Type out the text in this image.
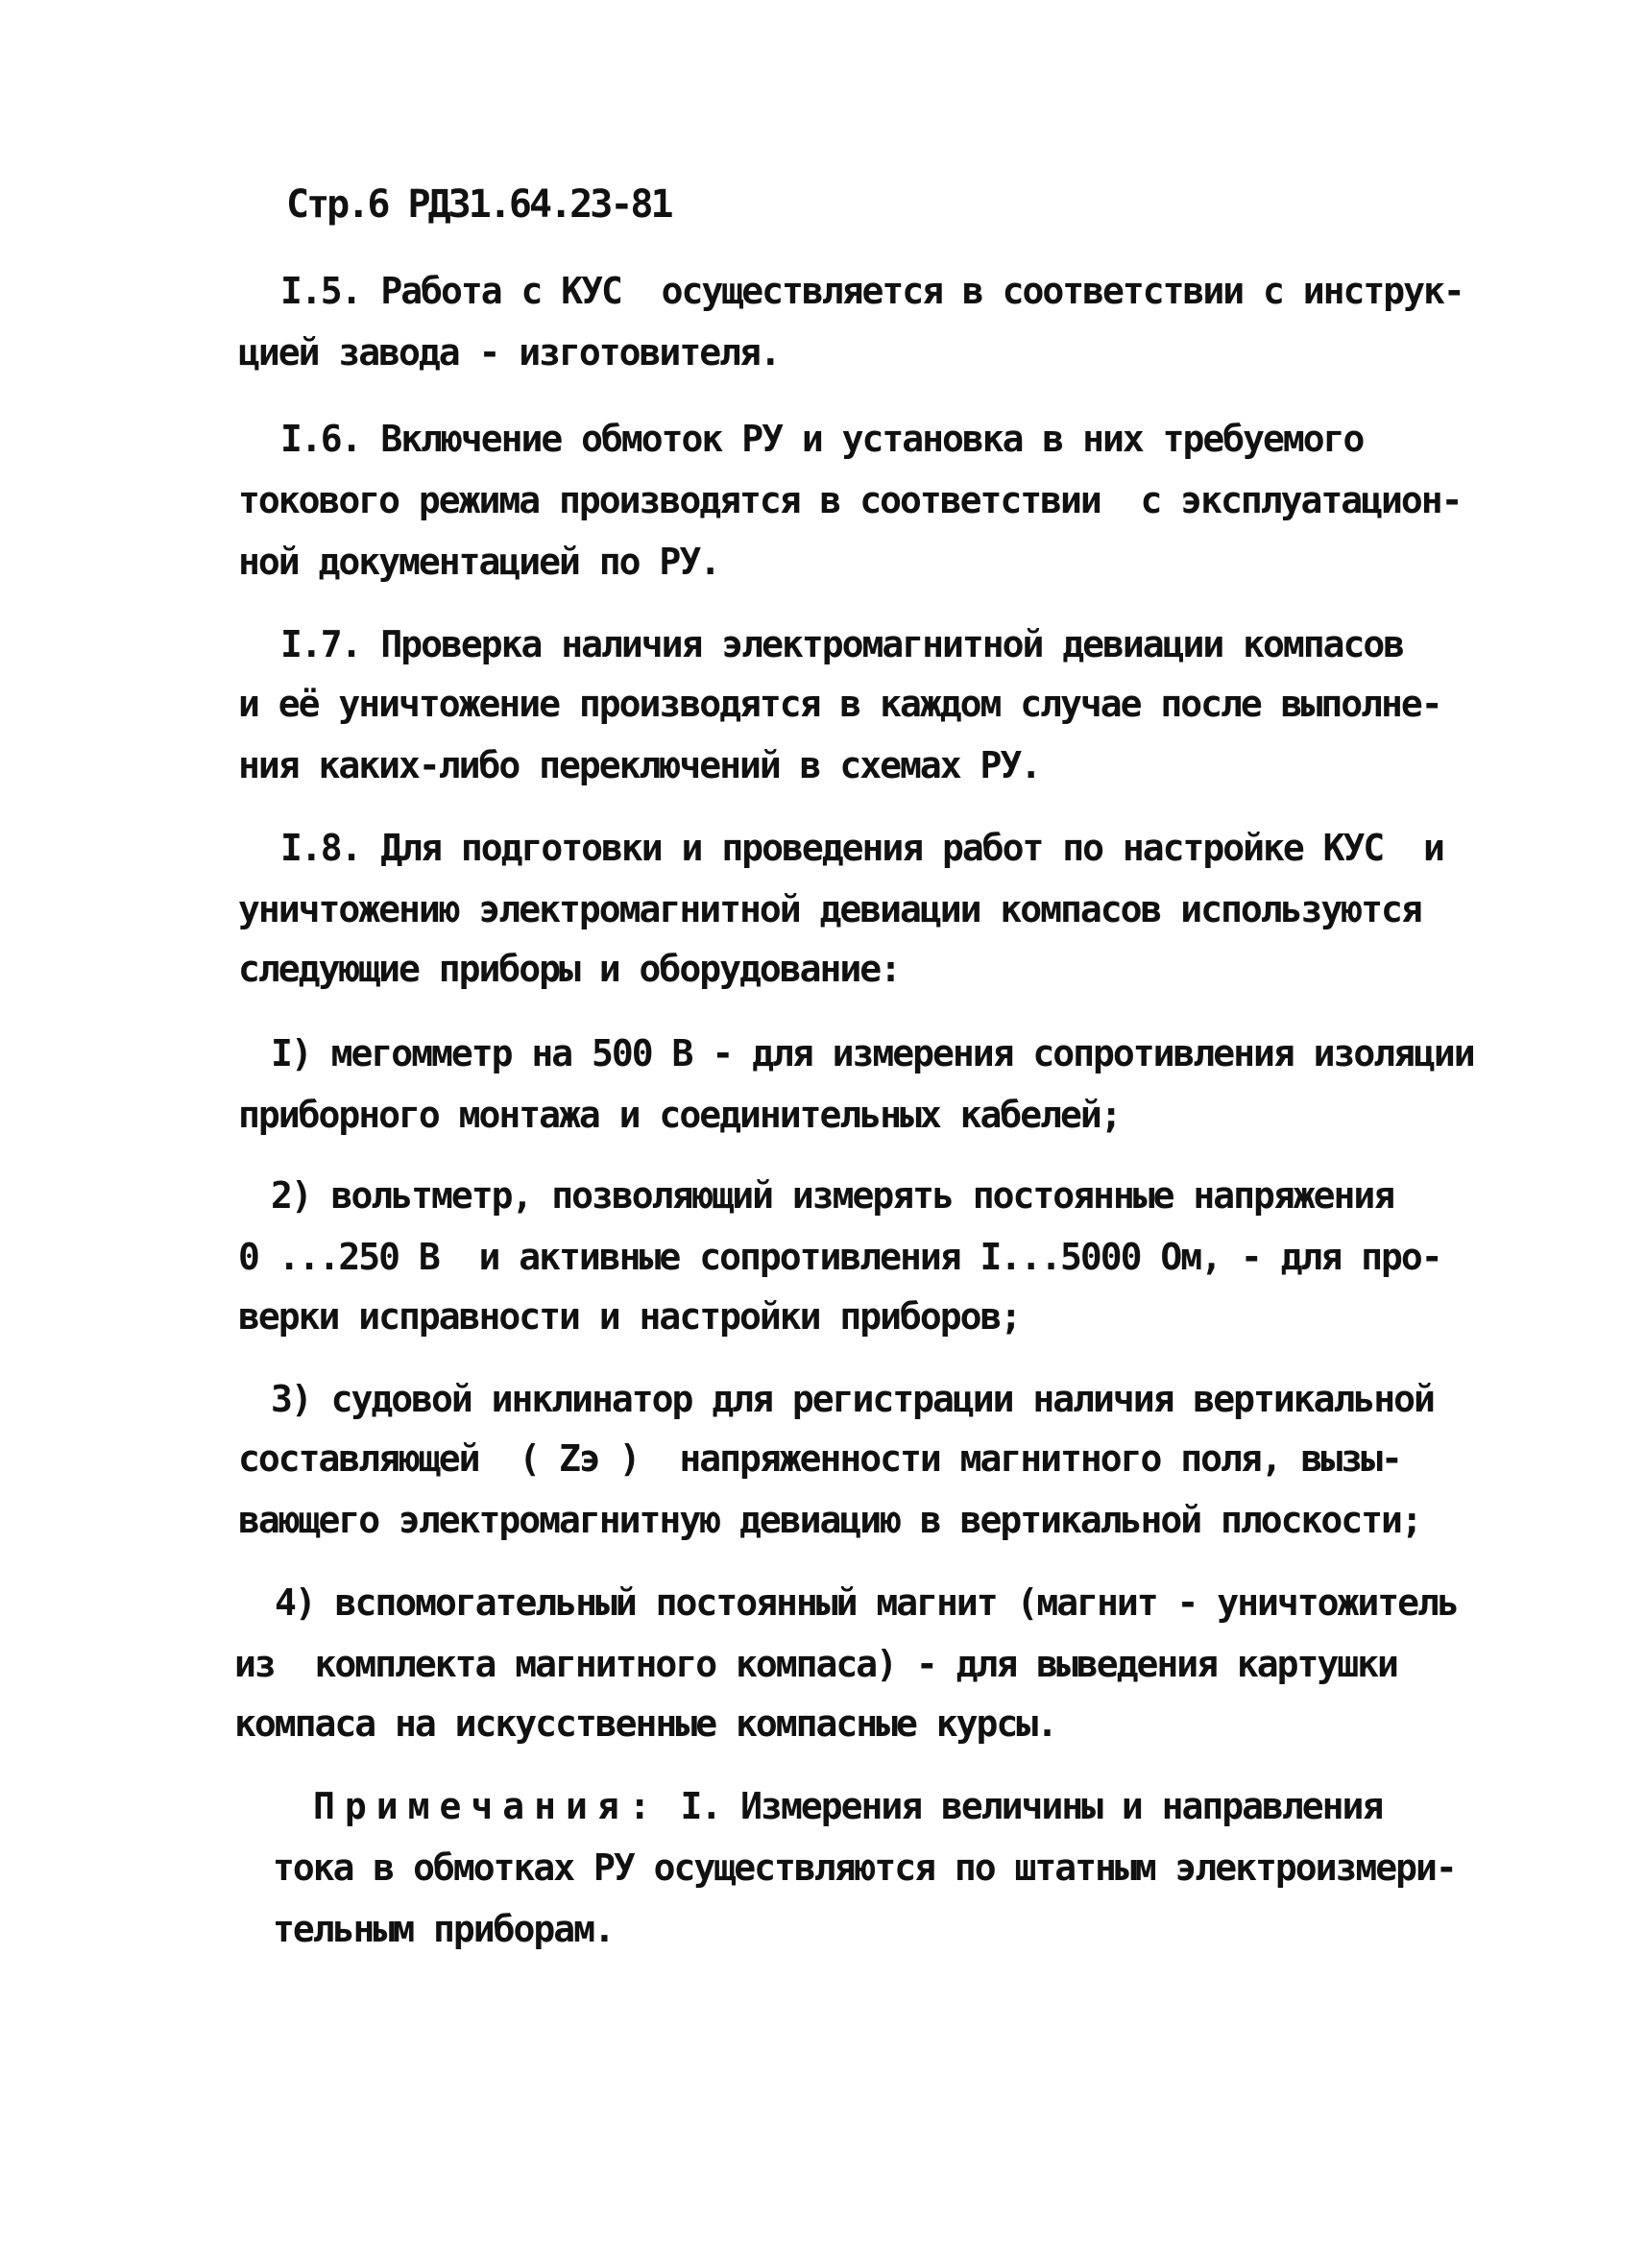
Стр.6 РД31.64.23-81
I.5. Работа с КУС  осуществляется в соответствии с инструк-
цией завода - изготовителя.
I.6. Включение обмоток РУ и установка в них требуемого
токового режима производятся в соответствии  с эксплуатацион-
ной документацией по РУ.
I.7. Проверка наличия электромагнитной девиации компасов
и её уничтожение производятся в каждом случае после выполне-
ния каких-либо переключений в схемах РУ.
I.8. Для подготовки и проведения работ по настройке КУС  и
уничтожению электромагнитной девиации компасов используются
следующие приборы и оборудование:
I) мегомметр на 500 В - для измерения сопротивления изоляции
приборного монтажа и соединительных кабелей;
2) вольтметр, позволяющий измерять постоянные напряжения
0 ...250 В  и активные сопротивления I...5000 Ом, - для про-
верки исправности и настройки приборов;
3) судовой инклинатор для регистрации наличия вертикальной
составляющей  ( Zэ )  напряженности магнитного поля, вызы-
вающего электромагнитную девиацию в вертикальной плоскости;
4) вспомогательный постоянный магнит (магнит - уничтожитель
из  комплекта магнитного компаса) - для выведения картушки
компаса на искусственные компасные курсы.
Примечания: I. Измерения величины и направления
тока в обмотках РУ осуществляются по штатным электроизмери-
тельным приборам.
